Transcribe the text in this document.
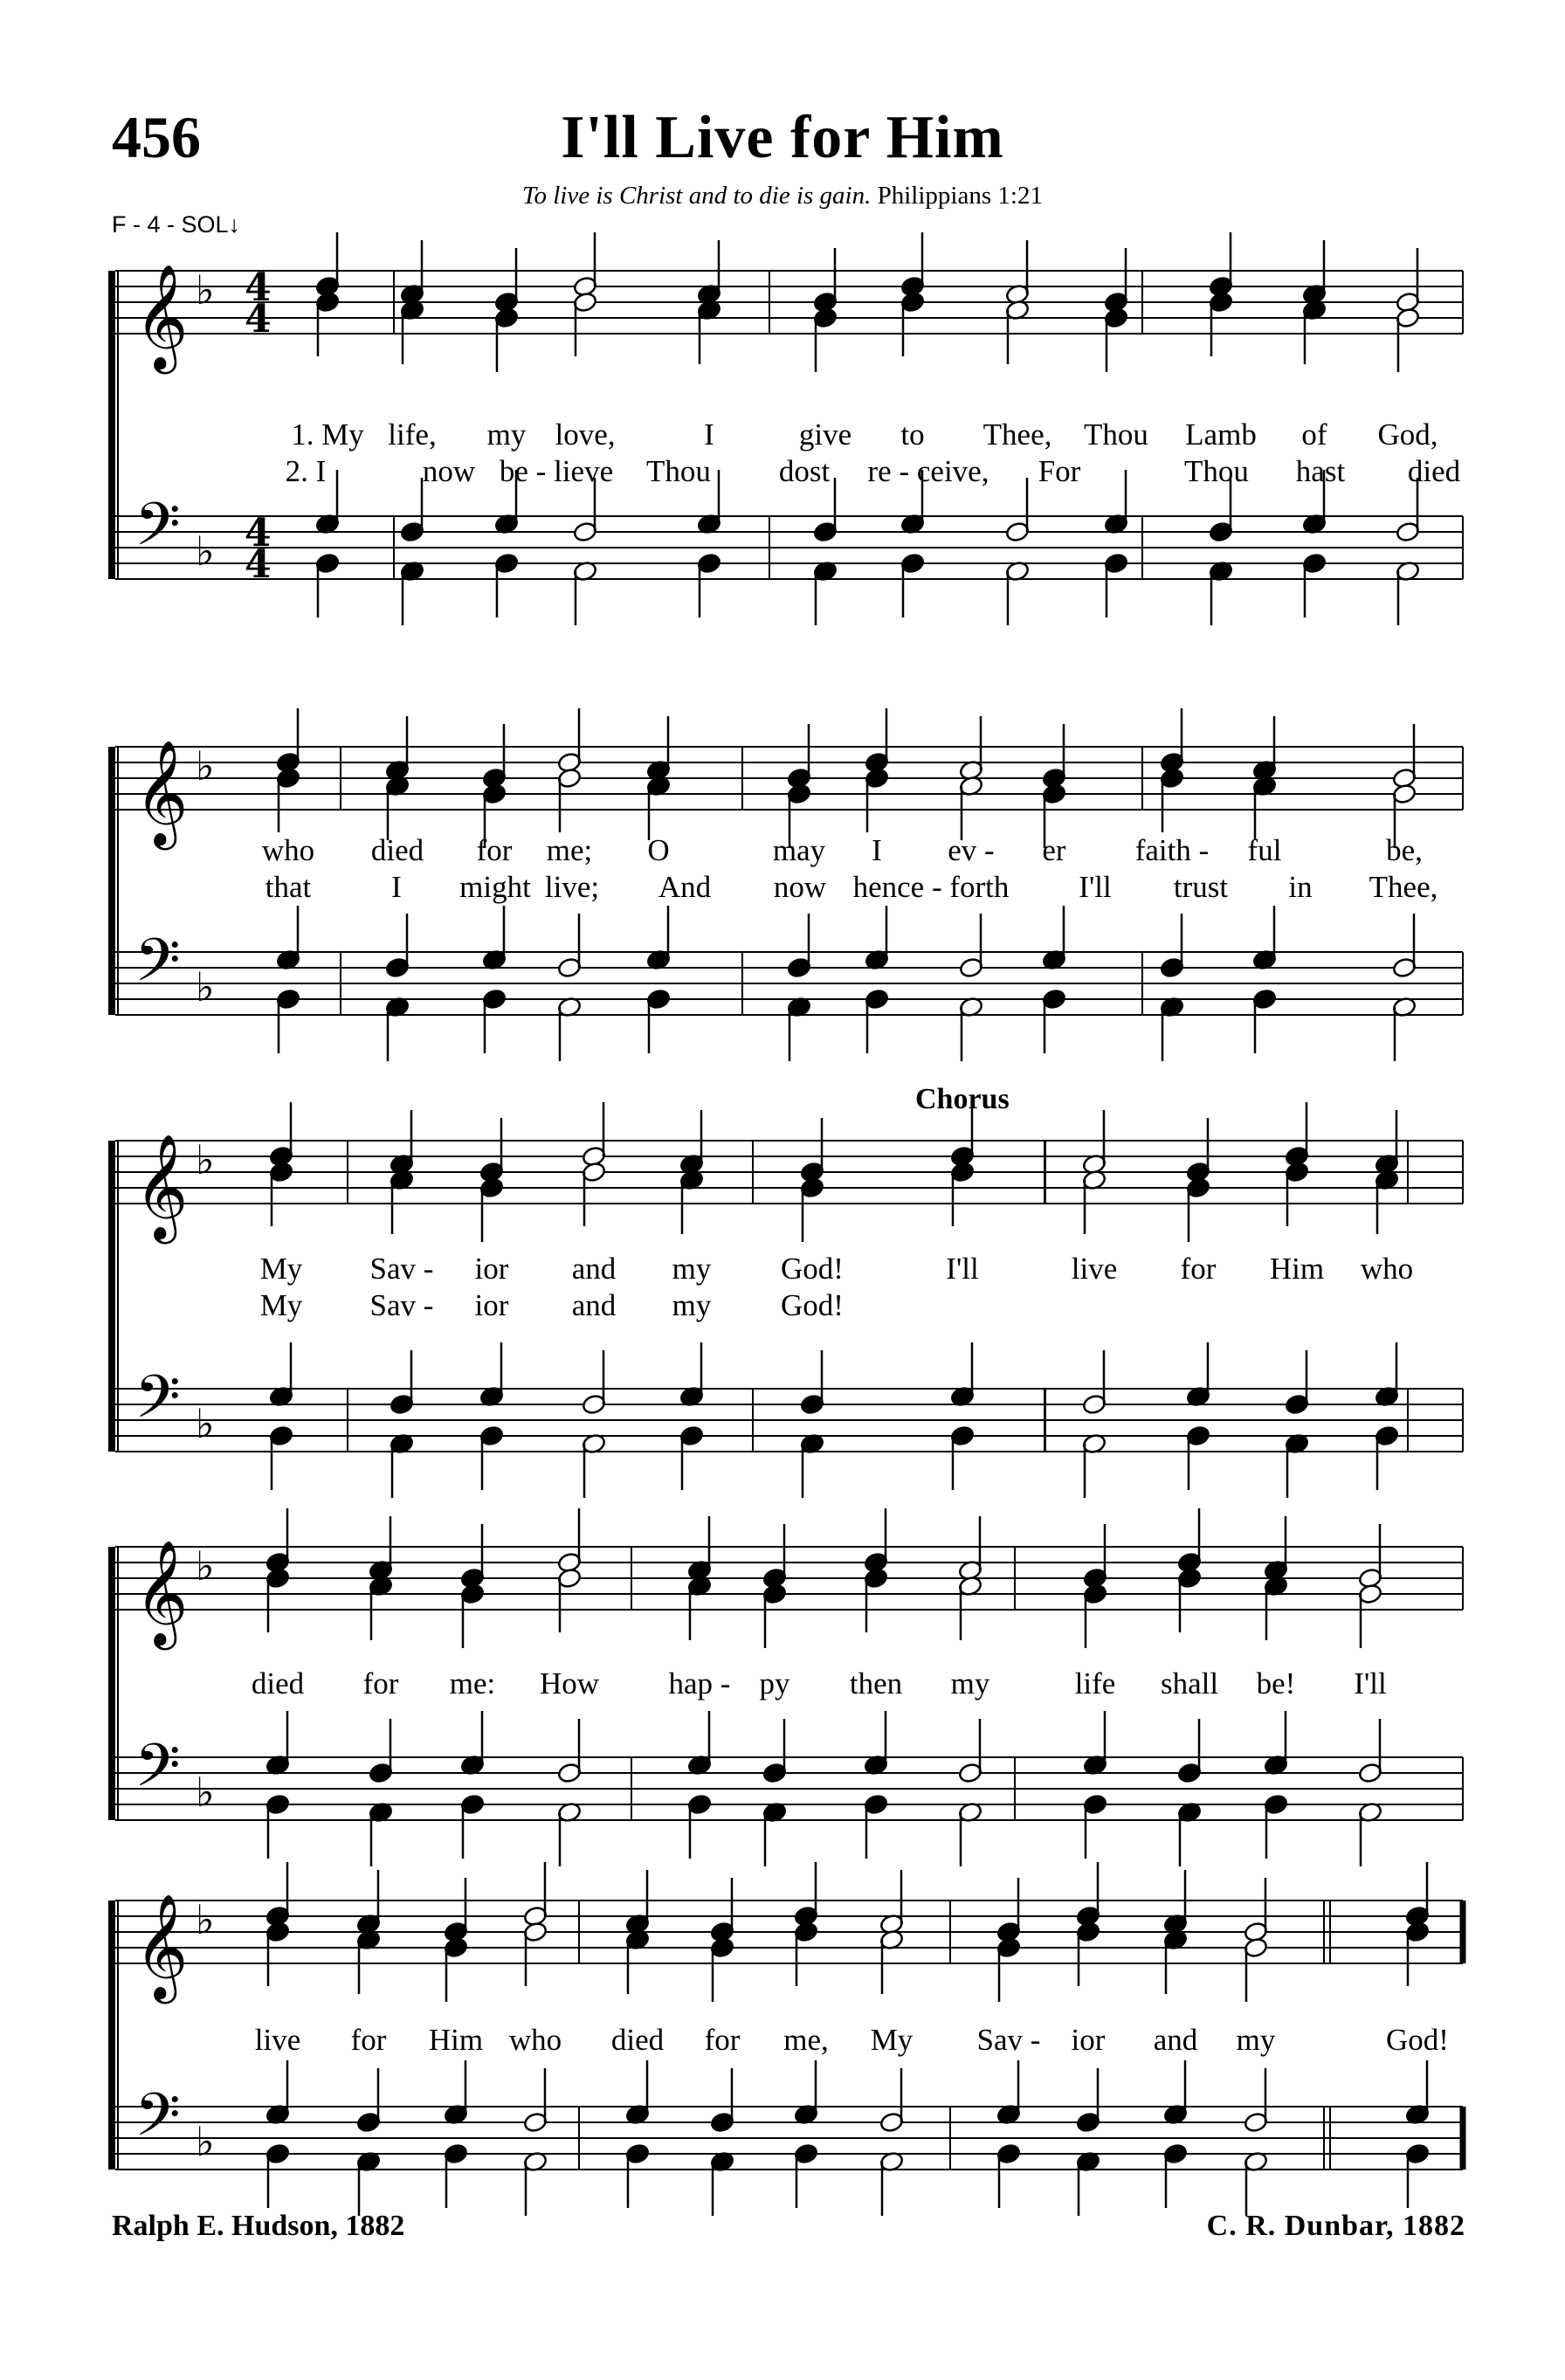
456	I'll Live for Him
To live is Christ and to die is gain. Philippians 1:21
F - 4 - SOL↓
𝄞
𝄢
♭
♭
4
4
4
4
𝄞
𝄢
♭
♭
𝄞
𝄢
♭
♭
𝄞
𝄢
♭
♭
𝄞
𝄢
♭
♭
1. My life, my love,	I	give to Thee, Thou Lamb of God,
2. I	now be - lieve Thou dost re - ceive, For	Thou hast died
who died for me; O	may I ev - er faith - ful	be,
that	I might live; And now hence - forth I'll trust in Thee,
My Sav - ior and my God!	I'll	live for Him who
My Sav - ior and my God!
Chorus
died for me: How hap - py then my	life shall be! I'll
live for Him who died for me, My Sav - ior and my	God!
Ralph E. Hudson, 1882	C. R. Dunbar, 1882
